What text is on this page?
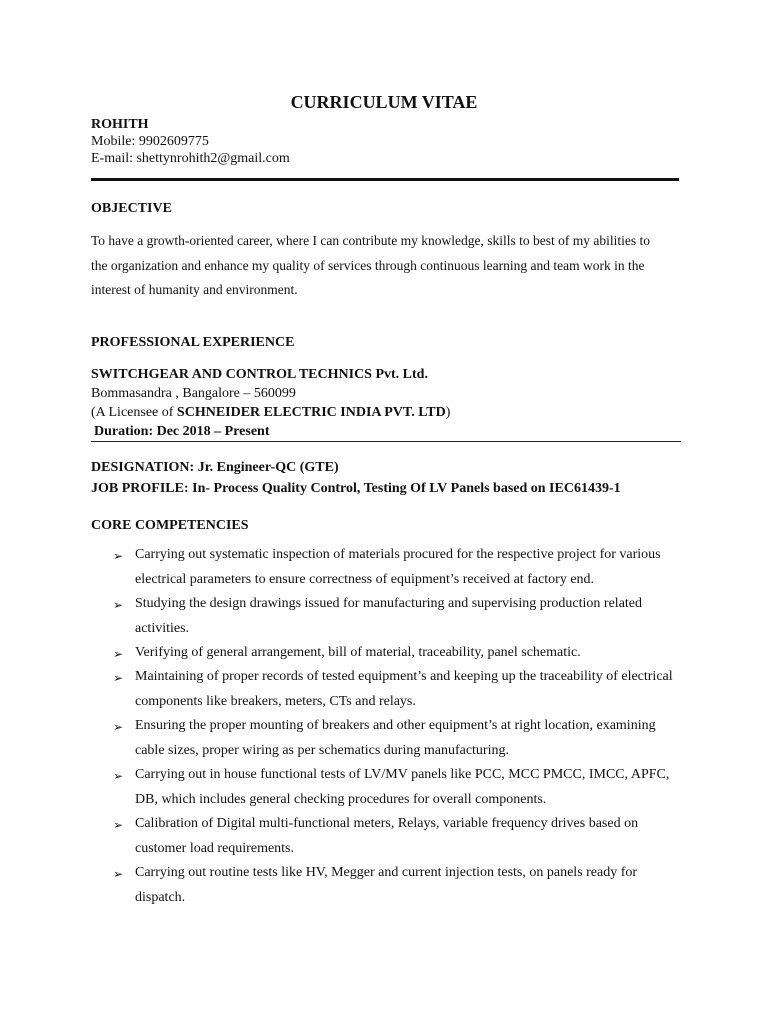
CURRICULUM VITAE
ROHITH
Mobile: 9902609775
E-mail: shettynrohith2@gmail.com
OBJECTIVE
To have a growth-oriented career, where I can contribute my knowledge, skills to best of my abilities to
the organization and enhance my quality of services through continuous learning and team work in the
interest of humanity and environment.
PROFESSIONAL EXPERIENCE
SWITCHGEAR AND CONTROL TECHNICS Pvt. Ltd.
Bommasandra , Bangalore – 560099
(A Licensee of SCHNEIDER ELECTRIC INDIA PVT. LTD)
Duration: Dec 2018 – Present
DESIGNATION: Jr. Engineer-QC (GTE)
JOB PROFILE: In- Process Quality Control, Testing Of LV Panels based on IEC61439-1
CORE COMPETENCIES
➢ Carrying out systematic inspection of materials procured for the respective project for various
electrical parameters to ensure correctness of equipment’s received at factory end.
➢ Studying the design drawings issued for manufacturing and supervising production related
activities.
➢ Verifying of general arrangement, bill of material, traceability, panel schematic.
➢ Maintaining of proper records of tested equipment’s and keeping up the traceability of electrical
components like breakers, meters, CTs and relays.
➢ Ensuring the proper mounting of breakers and other equipment’s at right location, examining
cable sizes, proper wiring as per schematics during manufacturing.
➢ Carrying out in house functional tests of LV/MV panels like PCC, MCC PMCC, IMCC, APFC,
DB, which includes general checking procedures for overall components.
➢ Calibration of Digital multi-functional meters, Relays, variable frequency drives based on
customer load requirements.
➢ Carrying out routine tests like HV, Megger and current injection tests, on panels ready for
dispatch.
